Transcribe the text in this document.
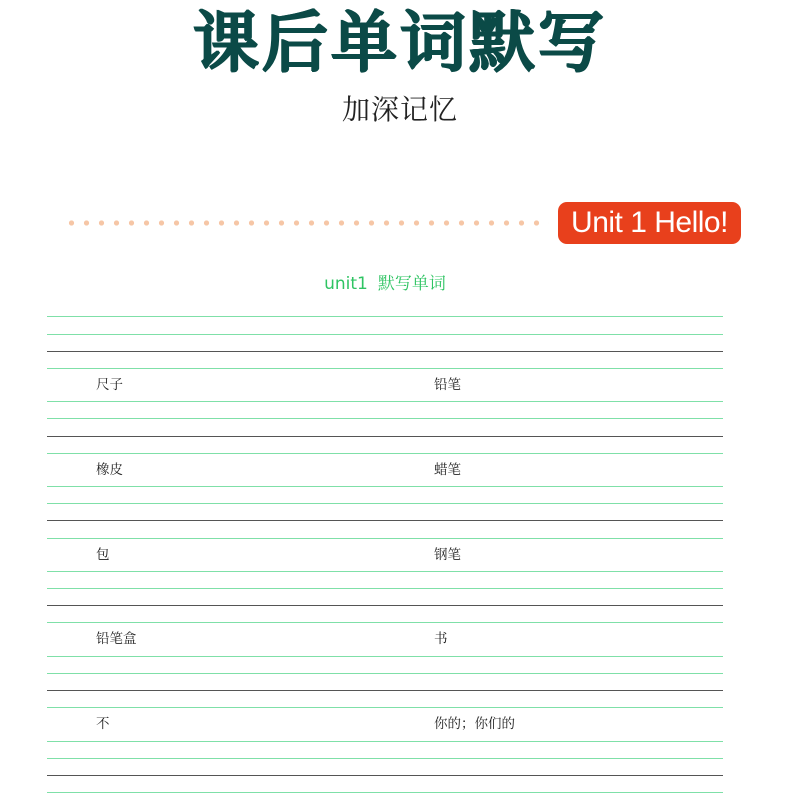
课后单词默写
加深记忆
Unit 1 Hello!
unit1 默写单词
尺子	铅笔
橡皮	蜡笔
包	钢笔
铅笔盒	书
不	你的；你们的
